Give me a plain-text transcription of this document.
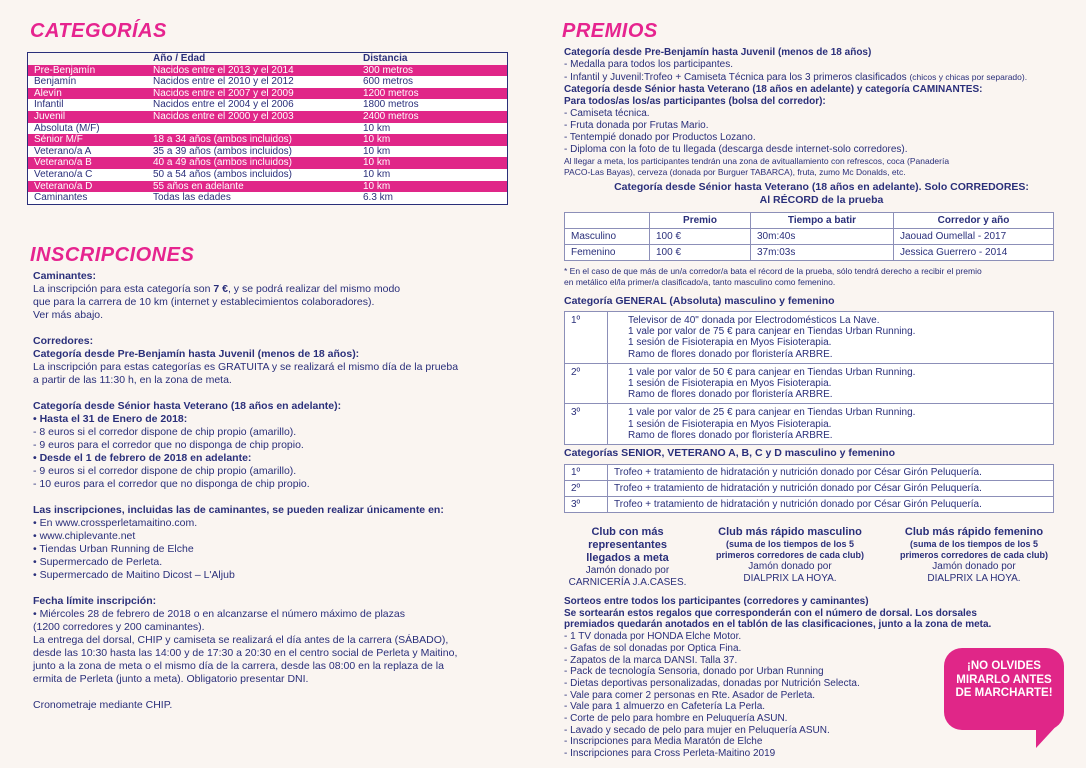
CATEGORÍAS
	Año / Edad	Distancia
Pre-Benjamín	Nacidos entre el 2013 y el 2014	300 metros
Benjamín	Nacidos entre el 2010 y el 2012	600 metros
Alevín	Nacidos entre el 2007 y el 2009	1200 metros
Infantil	Nacidos entre el 2004 y el 2006	1800 metros
Juvenil	Nacidos entre el 2000 y el 2003	2400 metros
Absoluta (M/F)		10 km
Sénior M/F	18 a 34 años (ambos incluidos)	10 km
Veterano/a A	35 a 39 años (ambos incluidos)	10 km
Veterano/a B	40 a 49 años (ambos incluidos)	10 km
Veterano/a C	50 a 54 años (ambos incluidos)	10 km
Veterano/a D	55 años en adelante	10 km
Caminantes	Todas las edades	6.3 km
INSCRIPCIONES

Caminantes:

La inscripción para esta categoría son 7 €, y se podrá realizar del mismo modo

que para la carrera de 10 km (internet y establecimientos colaboradores).

Ver más abajo.

Corredores:

Categoría desde Pre-Benjamín hasta Juvenil (menos de 18 años):

La inscripción para estas categorías es GRATUITA y se realizará el mismo día de la prueba

a partir de las 11:30 h, en la zona de meta.

Categoría desde Sénior hasta Veterano (18 años en adelante):

• Hasta el 31 de Enero de 2018:

- 8 euros si el corredor dispone de chip propio (amarillo).

- 9 euros para el corredor que no disponga de chip propio.

• Desde el 1 de febrero de 2018 en adelante:

- 9 euros si el corredor dispone de chip propio (amarillo).

- 10 euros para el corredor que no disponga de chip propio.

Las inscripciones, incluidas las de caminantes, se pueden realizar únicamente en:

• En www.crossperletamaitino.com.

• www.chiplevante.net

• Tiendas Urban Running de Elche

• Supermercado de Perleta.

• Supermercado de Maitino Dicost – L'Aljub

Fecha límite inscripción:

• Miércoles 28 de febrero de 2018 o en alcanzarse el número máximo de plazas

(1200 corredores y 200 caminantes).

La entrega del dorsal, CHIP y camiseta se realizará el día antes de la carrera (SÁBADO),

desde las 10:30 hasta las 14:00 y de 17:30 a 20:30 en el centro social de Perleta y Maitino,

junto a la zona de meta o el mismo día de la carrera, desde las 08:00 en la replaza de la

ermita de Perleta (junto a meta). Obligatorio presentar DNI.

Cronometraje mediante CHIP.

PREMIOS

Categoría desde Pre-Benjamín hasta Juvenil (menos de 18 años)

- Medalla para todos los participantes.

- Infantil y Juvenil:Trofeo + Camiseta Técnica para los 3 primeros clasificados (chicos y chicas por separado).

Categoría desde Sénior hasta Veterano (18 años en adelante) y categoría CAMINANTES:

Para todos/as los/as participantes (bolsa del corredor):

- Camiseta técnica.

- Fruta donada por Frutas Mario.

- Tentempié donado por Productos Lozano.

- Diploma con la foto de tu llegada (descarga desde internet-solo corredores).

Al llegar a meta, los participantes tendrán una zona de avituallamiento con refrescos, coca (Panadería

PACO-Las Bayas), cerveza (donada por Burguer TABARCA), fruta, zumo Mc Donalds, etc.

Categoría desde Sénior hasta Veterano (18 años en adelante). Solo CORREDORES:
Al RÉCORD de la prueba
	Premio	Tiempo a batir	Corredor y año
Masculino	100 €	30m:40s	Jaouad Oumellal - 2017
Femenino	100 €	37m:03s	Jessica Guerrero - 2014

* En el caso de que más de un/a corredor/a bata el récord de la prueba, sólo tendrá derecho a recibir el premio

en metálico el/la primer/a clasificado/a, tanto masculino como femenino.

Categoría GENERAL (Absoluta) masculino y femenino
1º	Televisor de 40" donada por Electrodomésticos La Nave.
1 vale por valor de 75 € para canjear en Tiendas Urban Running.
1 sesión de Fisioterapia en Myos Fisioterapia.
Ramo de flores donado por floristería ARBRE.

2º	1 vale por valor de 50 € para canjear en Tiendas Urban Running.
1 sesión de Fisioterapia en Myos Fisioterapia.
Ramo de flores donado por floristería ARBRE.

3º	1 vale por valor de 25 € para canjear en Tiendas Urban Running.
1 sesión de Fisioterapia en Myos Fisioterapia.
Ramo de flores donado por floristería ARBRE.
Categorías SENIOR, VETERANO A, B, C y D masculino y femenino
1º	Trofeo + tratamiento de hidratación y nutrición donado por César Girón Peluquería.
2º	Trofeo + tratamiento de hidratación y nutrición donado por César Girón Peluquería.
3º	Trofeo + tratamiento de hidratación y nutrición donado por César Girón Peluquería.
Club con más
representantes
llegados a meta
Jamón donado por
CARNICERÍA J.A.CASES.
Club más rápido masculino
(suma de los tiempos de los 5
primeros corredores de cada club)
Jamón donado por
DIALPRIX LA HOYA.
Club más rápido femenino
(suma de los tiempos de los 5
primeros corredores de cada club)
Jamón donado por
DIALPRIX LA HOYA.

Sorteos entre todos los participantes (corredores y caminantes)

Se sortearán estos regalos que corresponderán con el número de dorsal. Los dorsales

premiados quedarán anotados en el tablón de las clasificaciones, junto a la zona de meta.

- 1 TV donada por HONDA Elche Motor.

- Gafas de sol donadas por Optica Fina.

- Zapatos de la marca DANSI. Talla 37.

- Pack de tecnología Sensoria, donado por Urban Running

- Dietas deportivas personalizadas, donadas por Nutrición Selecta.

- Vale para comer 2 personas en Rte. Asador de Perleta.

- Vale para 1 almuerzo en Cafetería La Perla.

- Corte de pelo para hombre en Peluquería ASUN.

- Lavado y secado de pelo para mujer en Peluquería ASUN.

- Inscripciones para Media Maratón de Elche

- Inscripciones para Cross Perleta-Maitino 2019

¡NO OLVIDES
MIRARLO ANTES
DE MARCHARTE!
